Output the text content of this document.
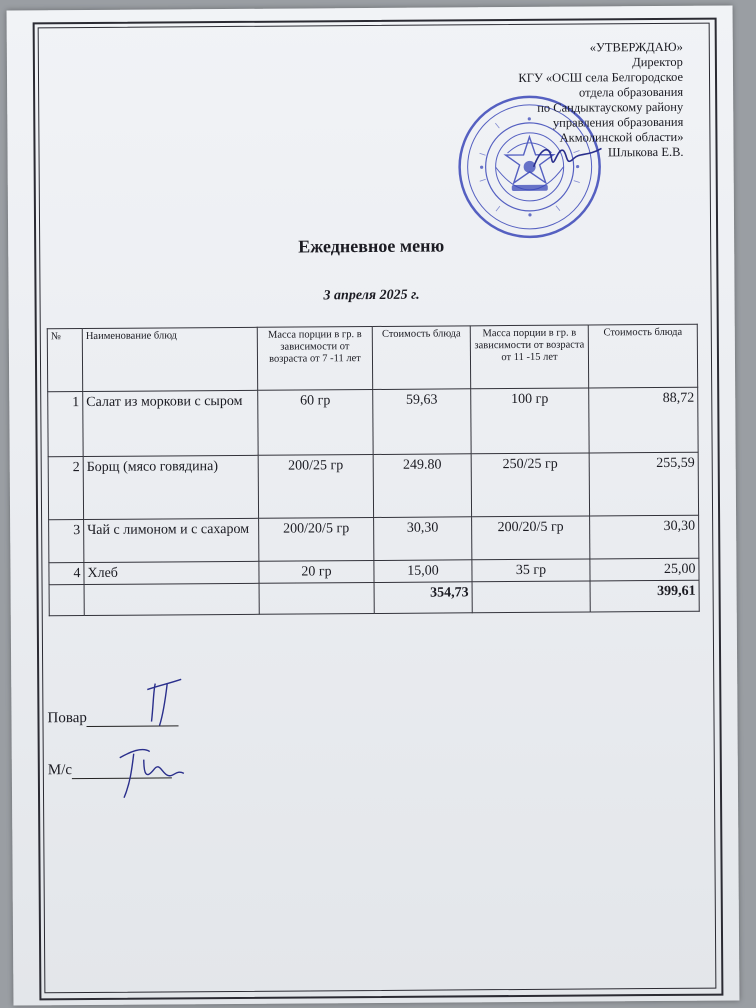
«УТВЕРЖДАЮ»
Директор
КГУ «ОСШ села Белгородское
отдела образования
по Сандыктаускому району
управления образования
Акмолинской области»
Шлыкова Е.В.
Ежедневное меню
3 апреля 2025 г.
№	Наименование блюд	Масса порции в гр. в зависимости от возраста от 7 -11 лет	Стоимость блюда	Масса порции в гр. в зависимости от возраста от 11 -15 лет	Стоимость блюда
1	Салат из моркови с сыром	60 гр	59,63	100 гр	88,72
2	Борщ (мясо говядина)	200/25 гр	249.80	250/25 гр	255,59
3	Чай с лимоном и с сахаром	200/20/5 гр	30,30	200/20/5 гр	30,30
4	Хлеб	20 гр	15,00	35 гр	25,00
			354,73		399,61
Повар
М/с
